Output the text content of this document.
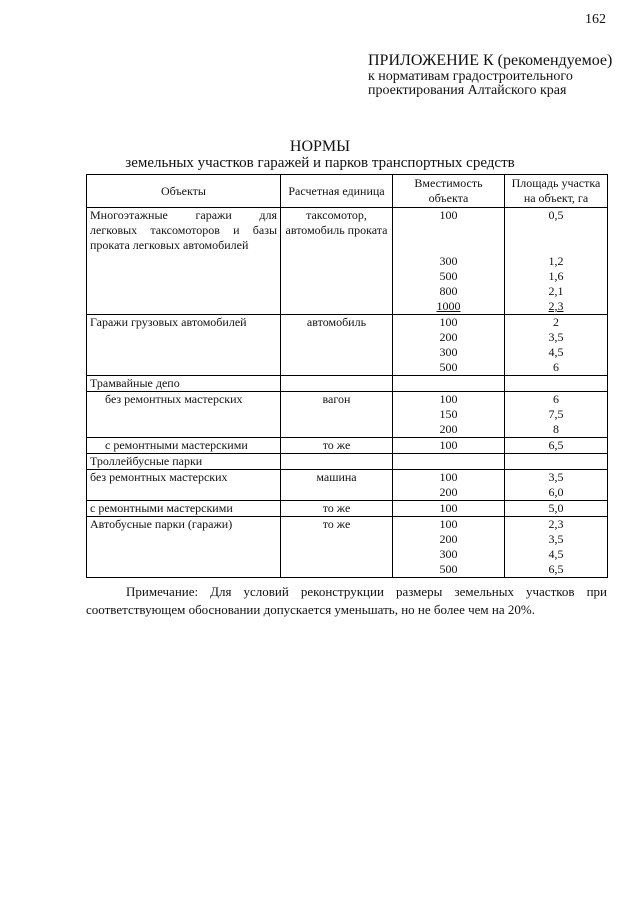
162
ПРИЛОЖЕНИЕ К (рекомендуемое)
к нормативам градостроительного
проектирования Алтайского края
НОРМЫ
земельных участков гаражей и парков транспортных средств
Объекты	Расчетная единица	Вместимость объекта	Площадь участка на объект, га
Многоэтажные гаражи для легковых таксомоторов и базы проката легковых автомобилей	таксомотор, автомобиль проката	100	0,5
		300	1,2
		500	1,6
		800	2,1
		1000	2,3
Гаражи грузовых автомобилей	автомобиль	100	2
		200	3,5
		300	4,5
		500	6
Трамвайные депо			
без ремонтных мастерских	вагон	100	6
		150	7,5
		200	8
с ремонтными мастерскими	то же	100	6,5
Троллейбусные парки			
без ремонтных мастерских	машина	100	3,5
		200	6,0
с ремонтными мастерскими	то же	100	5,0
Автобусные парки (гаражи)	то же	100	2,3
		200	3,5
		300	4,5
		500	6,5
Примечание: Для условий реконструкции размеры земельных участков при соответствующем обосновании допускается уменьшать, но не более чем на 20%.
